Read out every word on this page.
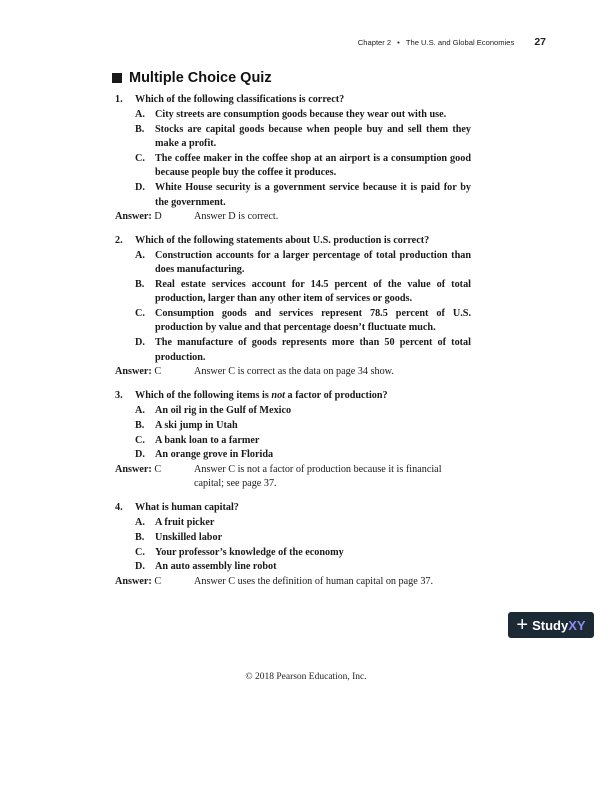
Chapter 2 • The U.S. and Global Economies 27
Multiple Choice Quiz
1.	Which of the following classifications is correct?
A. City streets are consumption goods because they wear out with use.
B.	Stocks are capital goods because when people buy and sell them they make a profit.
C. The coffee maker in the coffee shop at an airport is a consumption good because people buy the coffee it produces.
D. White House security is a government service because it is paid for by the government.
Answer: D	Answer D is correct.
2.	Which of the following statements about U.S. production is correct?
A. Construction accounts for a larger percentage of total production than does manufacturing.
B.	Real estate services account for 14.5 percent of the value of total production, larger than any other item of services or goods.
C. Consumption goods and services represent 78.5 percent of U.S. production by value and that percentage doesn’t fluctuate much.
D. The manufacture of goods represents more than 50 percent of total production.
Answer: C	Answer C is correct as the data on page 34 show.
3.	Which of the following items is not a factor of production?
A. An oil rig in the Gulf of Mexico
B.	A ski jump in Utah
C. A bank loan to a farmer
D. An orange grove in Florida
Answer: C	Answer C is not a factor of production because it is financial capital; see page 37.
4.	What is human capital?
A. A fruit picker
B.	Unskilled labor
C. Your professor’s knowledge of the economy
D. An auto assembly line robot
Answer: C	Answer C uses the definition of human capital on page 37.
+ Study XY
© 2018 Pearson Education, Inc.
